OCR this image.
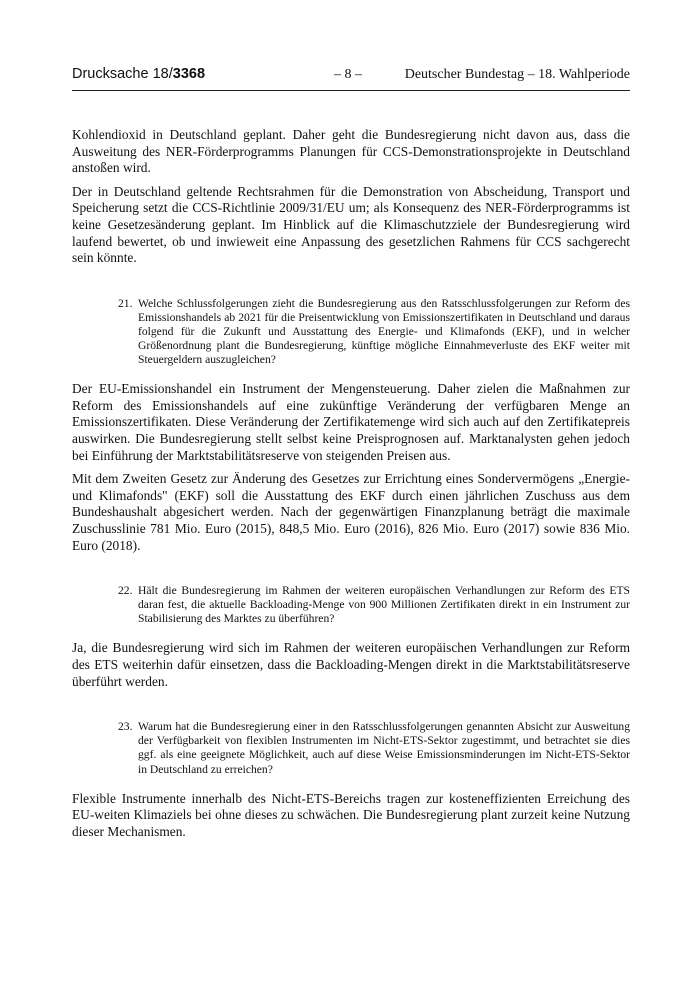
Drucksache 18/3368	– 8 –	Deutscher Bundestag – 18. Wahlperiode

Kohlendioxid in Deutschland geplant. Daher geht die Bundesregierung nicht davon aus, dass die Ausweitung des NER-Förderprogramms Planungen für CCS-Demonstrationsprojekte in Deutschland anstoßen wird.

Der in Deutschland geltende Rechtsrahmen für die Demonstration von Abscheidung, Transport und Speicherung setzt die CCS-Richtlinie 2009/31/EU um; als Konsequenz des NER-Förderprogramms ist keine Gesetzesänderung geplant. Im Hinblick auf die Klimaschutzziele der Bundesregierung wird laufend bewertet, ob und inwieweit eine Anpassung des gesetzlichen Rahmens für CCS sachgerecht sein könnte.

21. Welche Schlussfolgerungen zieht die Bundesregierung aus den Ratsschlussfolgerungen zur Reform des Emissionshandels ab 2021 für die Preisentwicklung von Emissionszertifikaten in Deutschland und daraus folgend für die Zukunft und Ausstattung des Energie- und Klimafonds (EKF), und in welcher Größenordnung plant die Bundesregierung, künftige mögliche Einnahmeverluste des EKF weiter mit Steuergeldern auszugleichen?

Der EU-Emissionshandel ein Instrument der Mengensteuerung. Daher zielen die Maßnahmen zur Reform des Emissionshandels auf eine zukünftige Veränderung der verfügbaren Menge an Emissionszertifikaten. Diese Veränderung der Zertifikatemenge wird sich auch auf den Zertifikatepreis auswirken. Die Bundesregierung stellt selbst keine Preisprognosen auf. Marktanalysten gehen jedoch bei Einführung der Marktstabilitätsreserve von steigenden Preisen aus.

Mit dem Zweiten Gesetz zur Änderung des Gesetzes zur Errichtung eines Sondervermögens „Energie- und Klimafonds" (EKF) soll die Ausstattung des EKF durch einen jährlichen Zuschuss aus dem Bundeshaushalt abgesichert werden. Nach der gegenwärtigen Finanzplanung beträgt die maximale Zuschusslinie 781 Mio. Euro (2015), 848,5 Mio. Euro (2016), 826 Mio. Euro (2017) sowie 836 Mio. Euro (2018).

22. Hält die Bundesregierung im Rahmen der weiteren europäischen Verhandlungen zur Reform des ETS daran fest, die aktuelle Backloading-Menge von 900 Millionen Zertifikaten direkt in ein Instrument zur Stabilisierung des Marktes zu überführen?

Ja, die Bundesregierung wird sich im Rahmen der weiteren europäischen Verhandlungen zur Reform des ETS weiterhin dafür einsetzen, dass die Backloading-Mengen direkt in die Marktstabilitätsreserve überführt werden.

23. Warum hat die Bundesregierung einer in den Ratsschlussfolgerungen genannten Absicht zur Ausweitung der Verfügbarkeit von flexiblen Instrumenten im Nicht-ETS-Sektor zugestimmt, und betrachtet sie dies ggf. als eine geeignete Möglichkeit, auch auf diese Weise Emissionsminderungen im Nicht-ETS-Sektor in Deutschland zu erreichen?

Flexible Instrumente innerhalb des Nicht-ETS-Bereichs tragen zur kosteneffizienten Erreichung des EU-weiten Klimaziels bei ohne dieses zu schwächen. Die Bundesregierung plant zurzeit keine Nutzung dieser Mechanismen.
